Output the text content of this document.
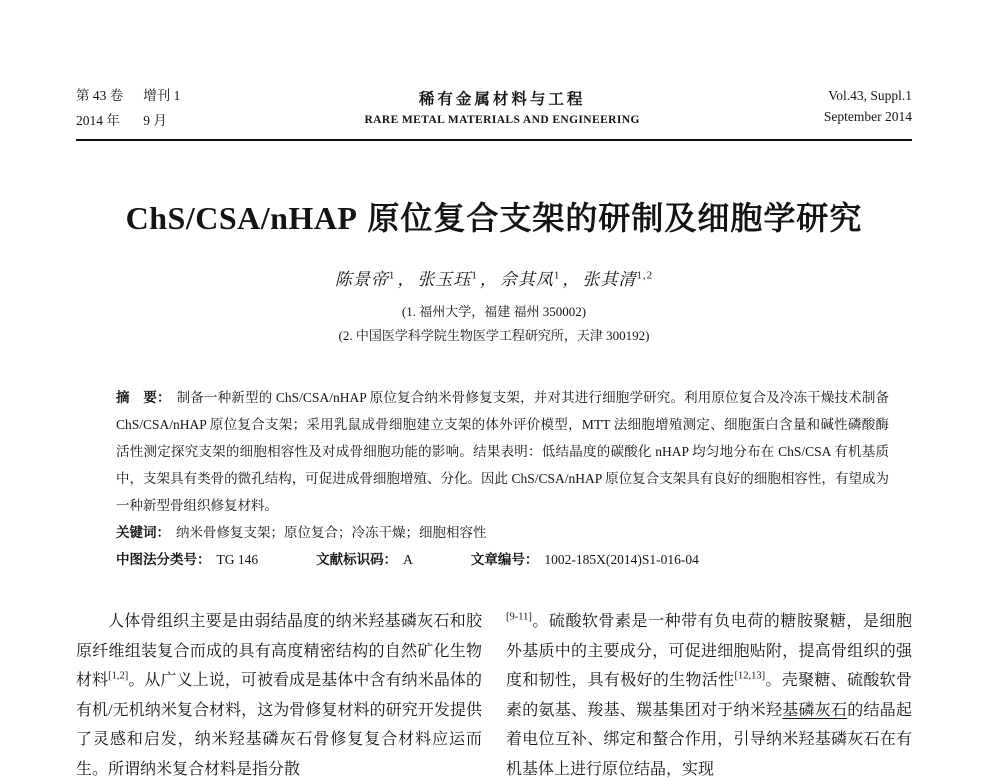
第 43 卷 增刊 1
2014 年 9 月
稀有金属材料与工程
RARE METAL MATERIALS AND ENGINEERING
Vol.43, Suppl.1
September 2014
ChS/CSA/nHAP 原位复合支架的研制及细胞学研究
陈景帝$^1$ ， 张玉珏$^1$ ， 佘其凤$^1$ ， 张其清$^{1,2}$
(1. 福州大学，福建 福州 350002)
(2. 中国医学科学院生物医学工程研究所，天津 300192)

摘　要： 制备一种新型的 ChS/CSA/nHAP 原位复合纳米骨修复支架，并对其进行细胞学研究。利用原位复合及冷冻干燥技术制备 ChS/CSA/nHAP 原位复合支架；采用乳鼠成骨细胞建立支架的体外评价模型，MTT 法细胞增殖测定、细胞蛋白含量和碱性磷酸酶活性测定探究支架的细胞相容性及对成骨细胞功能的影响。结果表明：低结晶度的碳酸化 nHAP 均匀地分布在 ChS/CSA 有机基质中，支架具有类骨的微孔结构，可促进成骨细胞增殖、分化。因此 ChS/CSA/nHAP 原位复合支架具有良好的细胞相容性，有望成为一种新型骨组织修复材料。

关键词： 纳米骨修复支架；原位复合；冷冻干燥；细胞相容性

中图法分类号： TG 146	文献标识码： A	文章编号： 1002-185X(2014)S1-016-04

人体骨组织主要是由弱结晶度的纳米羟基磷灰石和胶原纤维组装复合而成的具有高度精密结构的自然矿化生物材料[1,2]。从广义上说，可被看成是基体中含有纳米晶体的有机/无机纳米复合材料，这为骨修复材料的研究开发提供了灵感和启发，纳米羟基磷灰石骨修复复合材料应运而生。所谓纳米复合材料是指分散

[9-11]。硫酸软骨素是一种带有负电荷的糖胺聚糖，是细胞外基质中的主要成分，可促进细胞贴附，提高骨组织的强度和韧性，具有极好的生物活性[12,13]。壳聚糖、硫酸软骨素的氨基、羧基、羰基集团对于纳米羟基磷灰石的结晶起着电位互补、绑定和螯合作用，引导纳米羟基磷灰石在有机基体上进行原位结晶，实现
